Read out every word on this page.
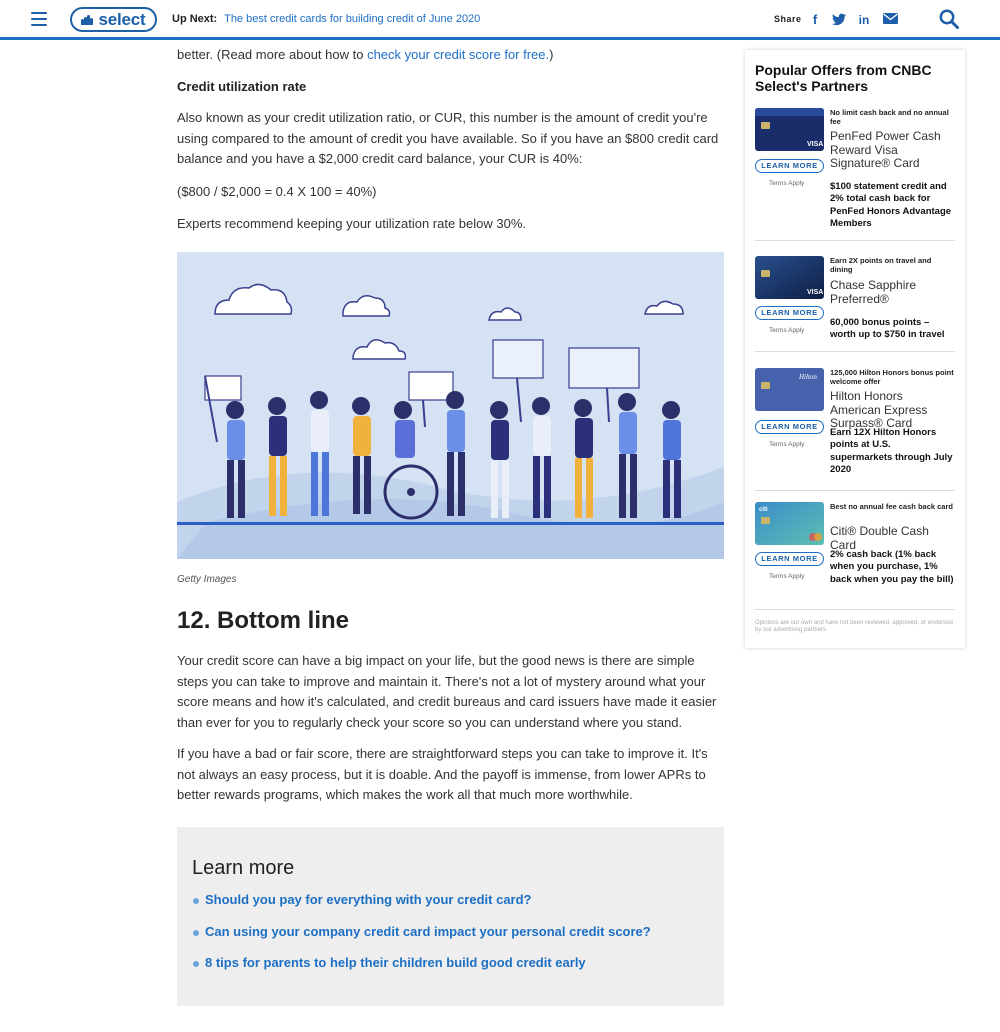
select Up Next: The best credit cards for building credit of June 2020	Share f	in
better. (Read more about how to check your credit score for free.)
Credit utilization rate
Also known as your credit utilization ratio, or CUR, this number is the amount of credit you're using compared to the amount of credit you have available. So if you have an $800 credit card balance and you have a $2,000 credit card balance, your CUR is 40%:
($800 / $2,000 = 0.4 X 100 = 40%)
Experts recommend keeping your utilization rate below 30%.
Getty Images
12. Bottom line
Your credit score can have a big impact on your life, but the good news is there are simple steps you can take to improve and maintain it. There's not a lot of mystery around what your score means and how it's calculated, and credit bureaus and card issuers have made it easier than ever for you to regularly check your score so you can understand where you stand.
If you have a bad or fair score, there are straightforward steps you can take to improve it. It's not always an easy process, but it is doable. And the payoff is immense, from lower APRs to better rewards programs, which makes the work all that much more worthwhile.
Learn more
Should you pay for everything with your credit card?
Can using your company credit card impact your personal credit score?
8 tips for parents to help their children build good credit early
Popular Offers from CNBC Select's Partners
VISA
LEARN MORE
Terms Apply
No limit cash back and no annual fee
PenFed Power Cash Reward Visa Signature® Card
$100 statement credit and 2% total cash back for PenFed Honors Advantage Members
VISA
LEARN MORE
Terms Apply
Earn 2X points on travel and dining
Chase Sapphire Preferred®
60,000 bonus points – worth up to $750 in travel
Hilton
LEARN MORE
Terms Apply
125,000 Hilton Honors bonus point welcome offer
Hilton Honors American Express Surpass® Card
Earn 12X Hilton Honors points at U.S. supermarkets through July 2020
citi
LEARN MORE
Terms Apply
Best no annual fee cash back card
Citi® Double Cash Card
2% cash back (1% back when you purchase, 1% back when you pay the bill)
Opinions are our own and have not been reviewed, approved, or endorsed by our advertising partners
